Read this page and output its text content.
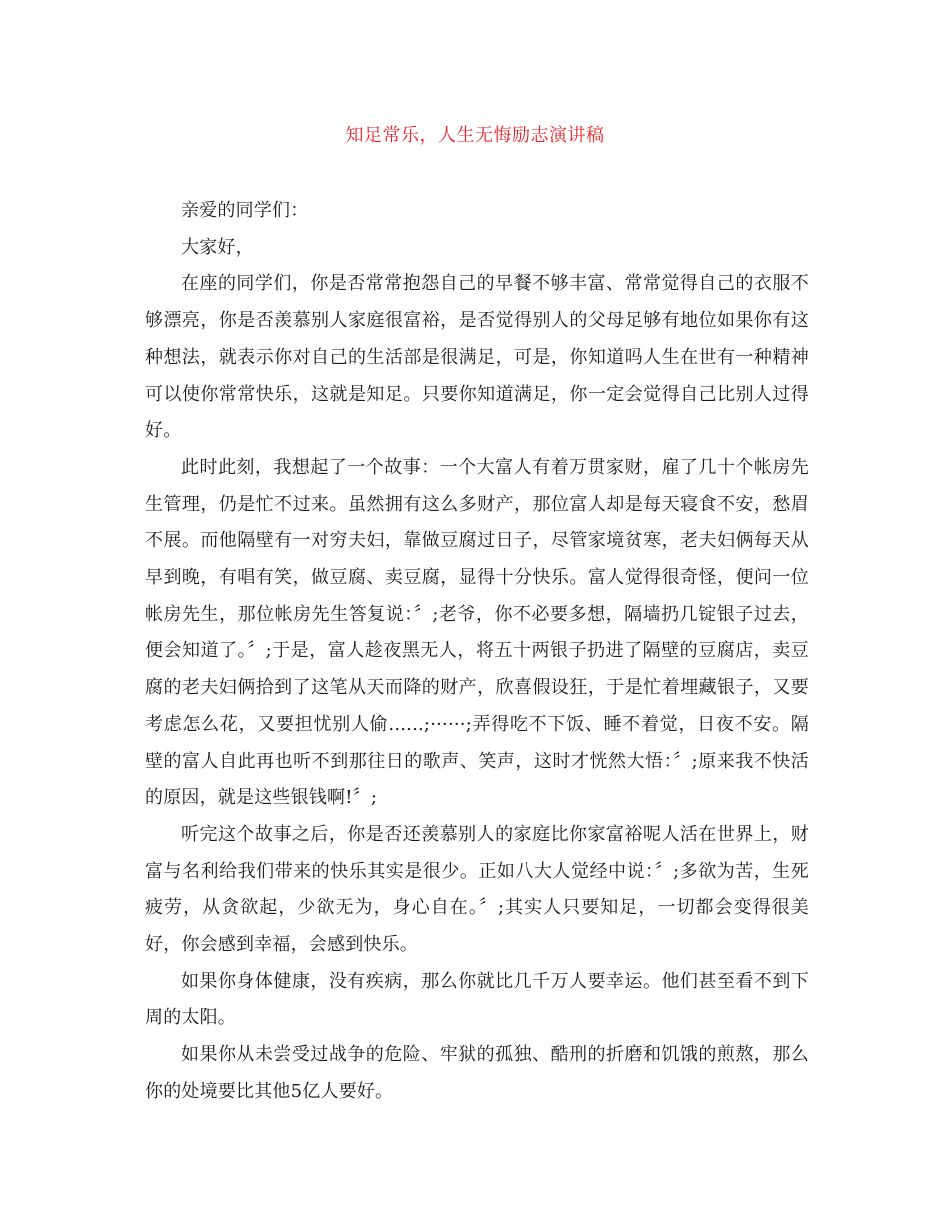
知足常乐，人生无悔励志演讲稿

亲爱的同学们：

大家好，

在座的同学们，你是否常常抱怨自己的早餐不够丰富、常常觉得自己的衣服不够漂亮，你是否羡慕别人家庭很富裕，是否觉得别人的父母足够有地位如果你有这种想法，就表示你对自己的生活部是很满足，可是，你知道吗人生在世有一种精神可以使你常常快乐，这就是知足。只要你知道满足，你一定会觉得自己比别人过得好。

此时此刻，我想起了一个故事：一个大富人有着万贯家财，雇了几十个帐房先生管理，仍是忙不过来。虽然拥有这么多财产，那位富人却是每天寝食不安，愁眉不展。而他隔壁有一对穷夫妇，靠做豆腐过日子，尽管家境贫寒，老夫妇俩每天从早到晚，有唱有笑，做豆腐、卖豆腐，显得十分快乐。富人觉得很奇怪，便问一位帐房先生，那位帐房先生答复说：〞;老爷，你不必要多想，隔墙扔几锭银子过去，便会知道了。〞;于是，富人趁夜黑无人，将五十两银子扔进了隔壁的豆腐店，卖豆腐的老夫妇俩拾到了这笔从天而降的财产，欣喜假设狂，于是忙着埋藏银子，又要考虑怎么花，又要担忧别人偷......;······;弄得吃不下饭、睡不着觉，日夜不安。隔壁的富人自此再也听不到那往日的歌声、笑声，这时才恍然大悟：〞;原来我不快活的原因，就是这些银钱啊!〞;

听完这个故事之后，你是否还羡慕别人的家庭比你家富裕呢人活在世界上，财富与名利给我们带来的快乐其实是很少。正如八大人觉经中说：〞;多欲为苦，生死疲劳，从贪欲起，少欲无为，身心自在。〞;其实人只要知足，一切都会变得很美好，你会感到幸福，会感到快乐。

如果你身体健康，没有疾病，那么你就比几千万人要幸运。他们甚至看不到下周的太阳。

如果你从未尝受过战争的危险、牢狱的孤独、酷刑的折磨和饥饿的煎熬，那么你的处境要比其他5亿人要好。
